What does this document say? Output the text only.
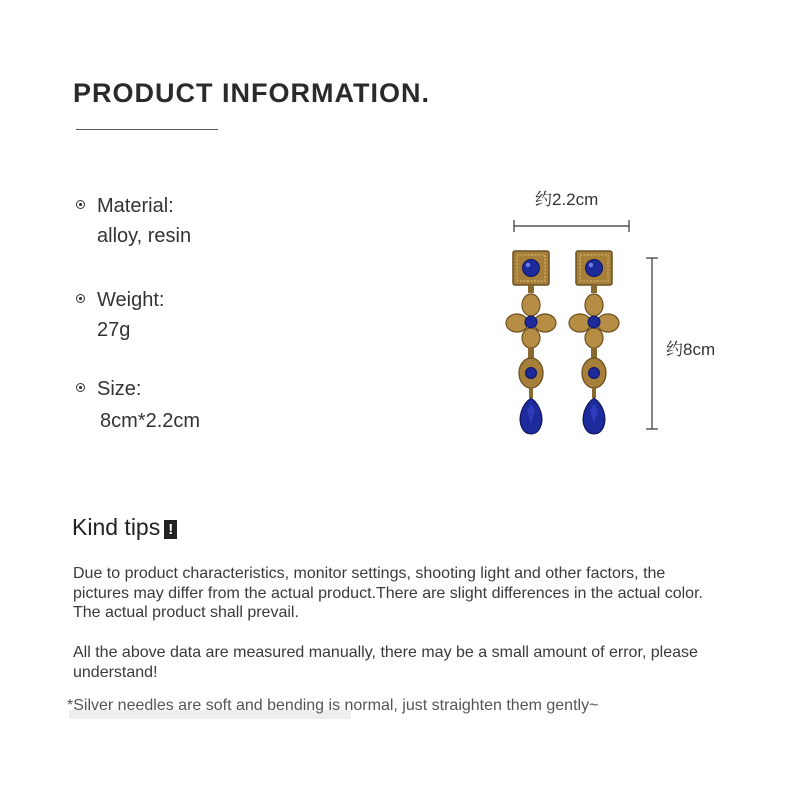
PRODUCT INFORMATION.
Material:
alloy, resin
Weight:
27g
Size:
8cm*2.2cm
约2.2cm
约8cm
Kind tips !
Due to product characteristics, monitor settings, shooting light and other factors, the pictures may differ from the actual product.There are slight differences in the actual color. The actual product shall prevail.
All the above data are measured manually, there may be a small amount of error, please understand!
*Silver needles are soft and bending is normal, just straighten them gently~
